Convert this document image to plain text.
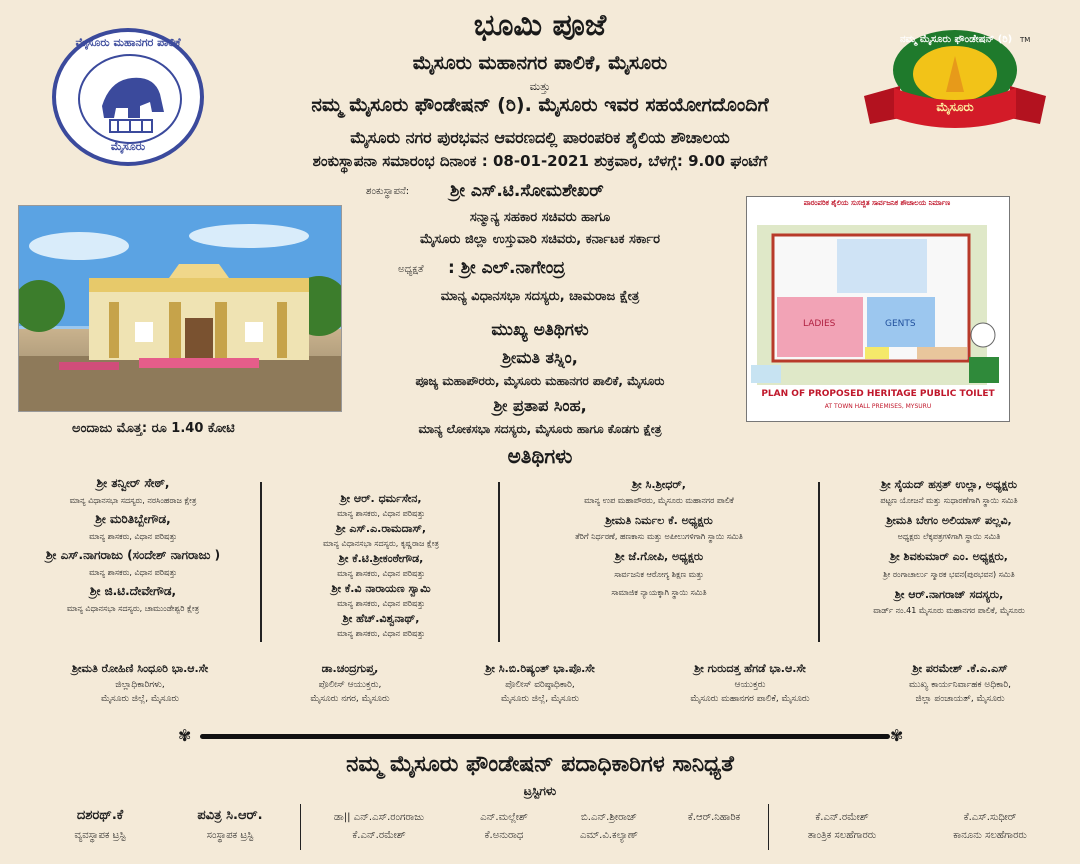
ಮೈಸೂರು ಮಹಾನಗರ ಪಾಲಿಕೆ
ಮೈಸೂರು
ನಮ್ಮ ಮೈಸೂರು ಫೌಂಡೇಷನ್ (ರಿ)
ಮೈಸೂರು
TM
ಭೂಮಿ ಪೂಜೆ
ಮೈಸೂರು ಮಹಾನಗರ ಪಾಲಿಕೆ, ಮೈಸೂರು
ಮತ್ತು
ನಮ್ಮ ಮೈಸೂರು ಫೌಂಡೇಷನ್ (ರಿ). ಮೈಸೂರು ಇವರ ಸಹಯೋಗದೊಂದಿಗೆ
ಮೈಸೂರು ನಗರ ಪುರಭವನ ಆವರಣದಲ್ಲಿ ಪಾರಂಪರಿಕ ಶೈಲಿಯ ಶೌಚಾಲಯ
ಶಂಕುಸ್ಥಾಪನಾ ಸಮಾರಂಭ ದಿನಾಂಕ : 08-01-2021 ಶುಕ್ರವಾರ, ಬೆಳಗ್ಗೆ: 9.00 ಘಂಟೆಗೆ
ಶಂಕುಸ್ಥಾಪನೆ: ಶ್ರೀ ಎಸ್.ಟಿ.ಸೋಮಶೇಖರ್
ಸನ್ಮಾನ್ಯ ಸಹಕಾರ ಸಚಿವರು ಹಾಗೂ
ಮೈಸೂರು ಜಿಲ್ಲಾ ಉಸ್ತುವಾರಿ ಸಚಿವರು, ಕರ್ನಾಟಕ ಸರ್ಕಾರ
ಅಧ್ಯಕ್ಷತೆ : ಶ್ರೀ ಎಲ್.ನಾಗೇಂದ್ರ
ಮಾನ್ಯ ವಿಧಾನಸಭಾ ಸದಸ್ಯರು, ಚಾಮರಾಜ ಕ್ಷೇತ್ರ
ಮುಖ್ಯ ಅತಿಥಿಗಳು
ಶ್ರೀಮತಿ ತಸ್ನಿಂ,
ಪೂಜ್ಯ ಮಹಾಪೌರರು, ಮೈಸೂರು ಮಹಾನಗರ ಪಾಲಿಕೆ, ಮೈಸೂರು
ಶ್ರೀ ಪ್ರತಾಪ ಸಿಂಹ,
ಮಾನ್ಯ ಲೋಕಸಭಾ ಸದಸ್ಯರು, ಮೈಸೂರು ಹಾಗೂ ಕೊಡಗು ಕ್ಷೇತ್ರ
ಅಂದಾಜು ಮೊತ್ತ: ರೂ 1.40 ಕೋಟಿ
ಪಾರಂಪರಿಕ ಶೈಲಿಯ ಸುಸಜ್ಜಿತ ಸಾರ್ವಜನಿಕ ಶೌಚಾಲಯ ನಿರ್ಮಾಣ
LADIES	GENTS
PLAN OF PROPOSED HERITAGE PUBLIC TOILET
AT TOWN HALL PREMISES, MYSURU
ಅತಿಥಿಗಳು
ಶ್ರೀ ತನ್ವೀರ್ ಸೇಠ್,
ಮಾನ್ಯ ವಿಧಾನಸಭಾ ಸದಸ್ಯರು, ನರಸಿಂಹರಾಜ ಕ್ಷೇತ್ರ
ಶ್ರೀ ಮರಿತಿಬ್ಬೇಗೌಡ,
ಮಾನ್ಯ ಶಾಸಕರು, ವಿಧಾನ ಪರಿಷತ್ತು
ಶ್ರೀ ಎಸ್.ನಾಗರಾಜು (ಸಂದೇಶ್ ನಾಗರಾಜು )
ಮಾನ್ಯ ಶಾಸಕರು, ವಿಧಾನ ಪರಿಷತ್ತು
ಶ್ರೀ ಜಿ.ಟಿ.ದೇವೇಗೌಡ,
ಮಾನ್ಯ ವಿಧಾನಸಭಾ ಸದಸ್ಯರು, ಚಾಮುಂಡೇಶ್ವರಿ ಕ್ಷೇತ್ರ
ಶ್ರೀ ಆರ್. ಧರ್ಮಸೇನ,
ಮಾನ್ಯ ಶಾಸಕರು, ವಿಧಾನ ಪರಿಷತ್ತು
ಶ್ರೀ ಎಸ್.ಎ.ರಾಮದಾಸ್,
ಮಾನ್ಯ ವಿಧಾನಸಭಾ ಸದಸ್ಯರು, ಕೃಷ್ಣರಾಜ ಕ್ಷೇತ್ರ
ಶ್ರೀ ಕೆ.ಟಿ.ಶ್ರೀಕಂಠೇಗೌಡ,
ಮಾನ್ಯ ಶಾಸಕರು, ವಿಧಾನ ಪರಿಷತ್ತು
ಶ್ರೀ ಕೆ.ವಿ ನಾರಾಯಣ ಸ್ವಾಮಿ
ಮಾನ್ಯ ಶಾಸಕರು, ವಿಧಾನ ಪರಿಷತ್ತು
ಶ್ರೀ ಹೆಚ್.ವಿಶ್ವನಾಥ್,
ಮಾನ್ಯ ಶಾಸಕರು, ವಿಧಾನ ಪರಿಷತ್ತು
ಶ್ರೀ ಸಿ.ಶ್ರೀಧರ್,
ಮಾನ್ಯ ಉಪ ಮಹಾಪೌರರು, ಮೈಸೂರು ಮಹಾನಗರ ಪಾಲಿಕೆ
ಶ್ರೀಮತಿ ನಿರ್ಮಲ ಕೆ. ಅಧ್ಯಕ್ಷರು
ತೆರಿಗೆ ನಿರ್ಧರಣೆ, ಹಣಕಾಸು ಮತ್ತು ಅಪೀಲುಗಳಿಗಾಗಿ ಸ್ಥಾಯಿ ಸಮಿತಿ
ಶ್ರೀ ಜೆ.ಗೋಪಿ, ಅಧ್ಯಕ್ಷರು
ಸಾರ್ವಜನಿಕ ಆರೋಗ್ಯ ಶಿಕ್ಷಣ ಮತ್ತು
ಸಾಮಾಜಿಕ ನ್ಯಾಯಕ್ಕಾಗಿ ಸ್ಥಾಯಿ ಸಮಿತಿ
ಶ್ರೀ ಸೈಯದ್ ಹಸ್ರತ್ ಉಲ್ಲಾ, ಅಧ್ಯಕ್ಷರು
ಪಟ್ಟಣ ಯೋಜನೆ ಮತ್ತು ಸುಧಾರಣೆಗಾಗಿ ಸ್ಥಾಯಿ ಸಮಿತಿ
ಶ್ರೀಮತಿ ಬೇಗಂ ಅಲಿಯಾಸ್ ಪಲ್ಲವಿ,
ಅಧ್ಯಕ್ಷರು ಲೆಕ್ಕಪತ್ರಗಳಿಗಾಗಿ ಸ್ಥಾಯಿ ಸಮಿತಿ
ಶ್ರೀ ಶಿವಕುಮಾರ್ ಎಂ. ಅಧ್ಯಕ್ಷರು,
ಶ್ರೀ ರಂಗಾಚಾರ್ಲು ಸ್ಮಾರಕ ಭವನ(ಪುರಭವನ) ಸಮಿತಿ
ಶ್ರೀ ಆರ್.ನಾಗರಾಜ್ ಸದಸ್ಯರು,
ವಾರ್ಡ್ ನಂ.41 ಮೈಸೂರು ಮಹಾನಗರ ಪಾಲಿಕೆ, ಮೈಸೂರು
ಶ್ರೀಮತಿ ರೋಹಿಣಿ ಸಿಂಧೂರಿ ಭಾ.ಆ.ಸೇ
ಜಿಲ್ಲಾಧಿಕಾರಿಗಳು,
ಮೈಸೂರು ಜಿಲ್ಲೆ, ಮೈಸೂರು
ಡಾ.ಚಂದ್ರಗುಪ್ತ,
ಪೊಲೀಸ್ ಆಯುಕ್ತರು,
ಮೈಸೂರು ನಗರ, ಮೈಸೂರು
ಶ್ರೀ ಸಿ.ಬಿ.ರಿಷ್ಯಂತ್ ಭಾ.ಪೊ.ಸೇ
ಪೊಲೀಸ್ ವರಿಷ್ಠಾಧಿಕಾರಿ,
ಮೈಸೂರು ಜಿಲ್ಲೆ, ಮೈಸೂರು
ಶ್ರೀ ಗುರುದತ್ತ ಹೆಗಡೆ ಭಾ.ಆ.ಸೇ
ಆಯುಕ್ತರು
ಮೈಸೂರು ಮಹಾನಗರ ಪಾಲಿಕೆ, ಮೈಸೂರು
ಶ್ರೀ ಪರಮೇಶ್ .ಕೆ.ಎ.ಎಸ್
ಮುಖ್ಯ ಕಾರ್ಯನಿರ್ವಾಹಕ ಅಧಿಕಾರಿ,
ಜಿಲ್ಲಾ ಪಂಚಾಯತ್, ಮೈಸೂರು
✾	✾
ನಮ್ಮ ಮೈಸೂರು ಫೌಂಡೇಷನ್ ಪದಾಧಿಕಾರಿಗಳ ಸಾನಿಧ್ಯತೆ
ಟ್ರಸ್ಟಿಗಳು
ದಶರಥ್.ಕೆ
ವ್ಯವಸ್ಥಾಪಕ ಟ್ರಸ್ಟಿ
ಪವಿತ್ರ ಸಿ.ಆರ್.
ಸಂಸ್ಥಾಪಕ ಟ್ರಸ್ಟಿ
ಡಾ|| ಎನ್.ಎಸ್.ರಂಗರಾಜು
ಕೆ.ಎನ್.ರಮೇಶ್
ಎನ್.ಮಲ್ಲೇಶ್
ಕೆ.ಅನುರಾಧ
ಬಿ.ಎನ್.ಶ್ರೀರಾಜ್
ಎಮ್.ವಿ.ಕಲ್ಯಾಣ್
ಕೆ.ಆರ್.ನಿಹಾರಿಕ	ಕೆ.ಎನ್.ರಮೇಶ್
ತಾಂತ್ರಿಕ ಸಲಹೆಗಾರರು
ಕೆ.ಎಸ್.ಸುಧೀರ್
ಕಾನೂನು ಸಲಹೆಗಾರರು
